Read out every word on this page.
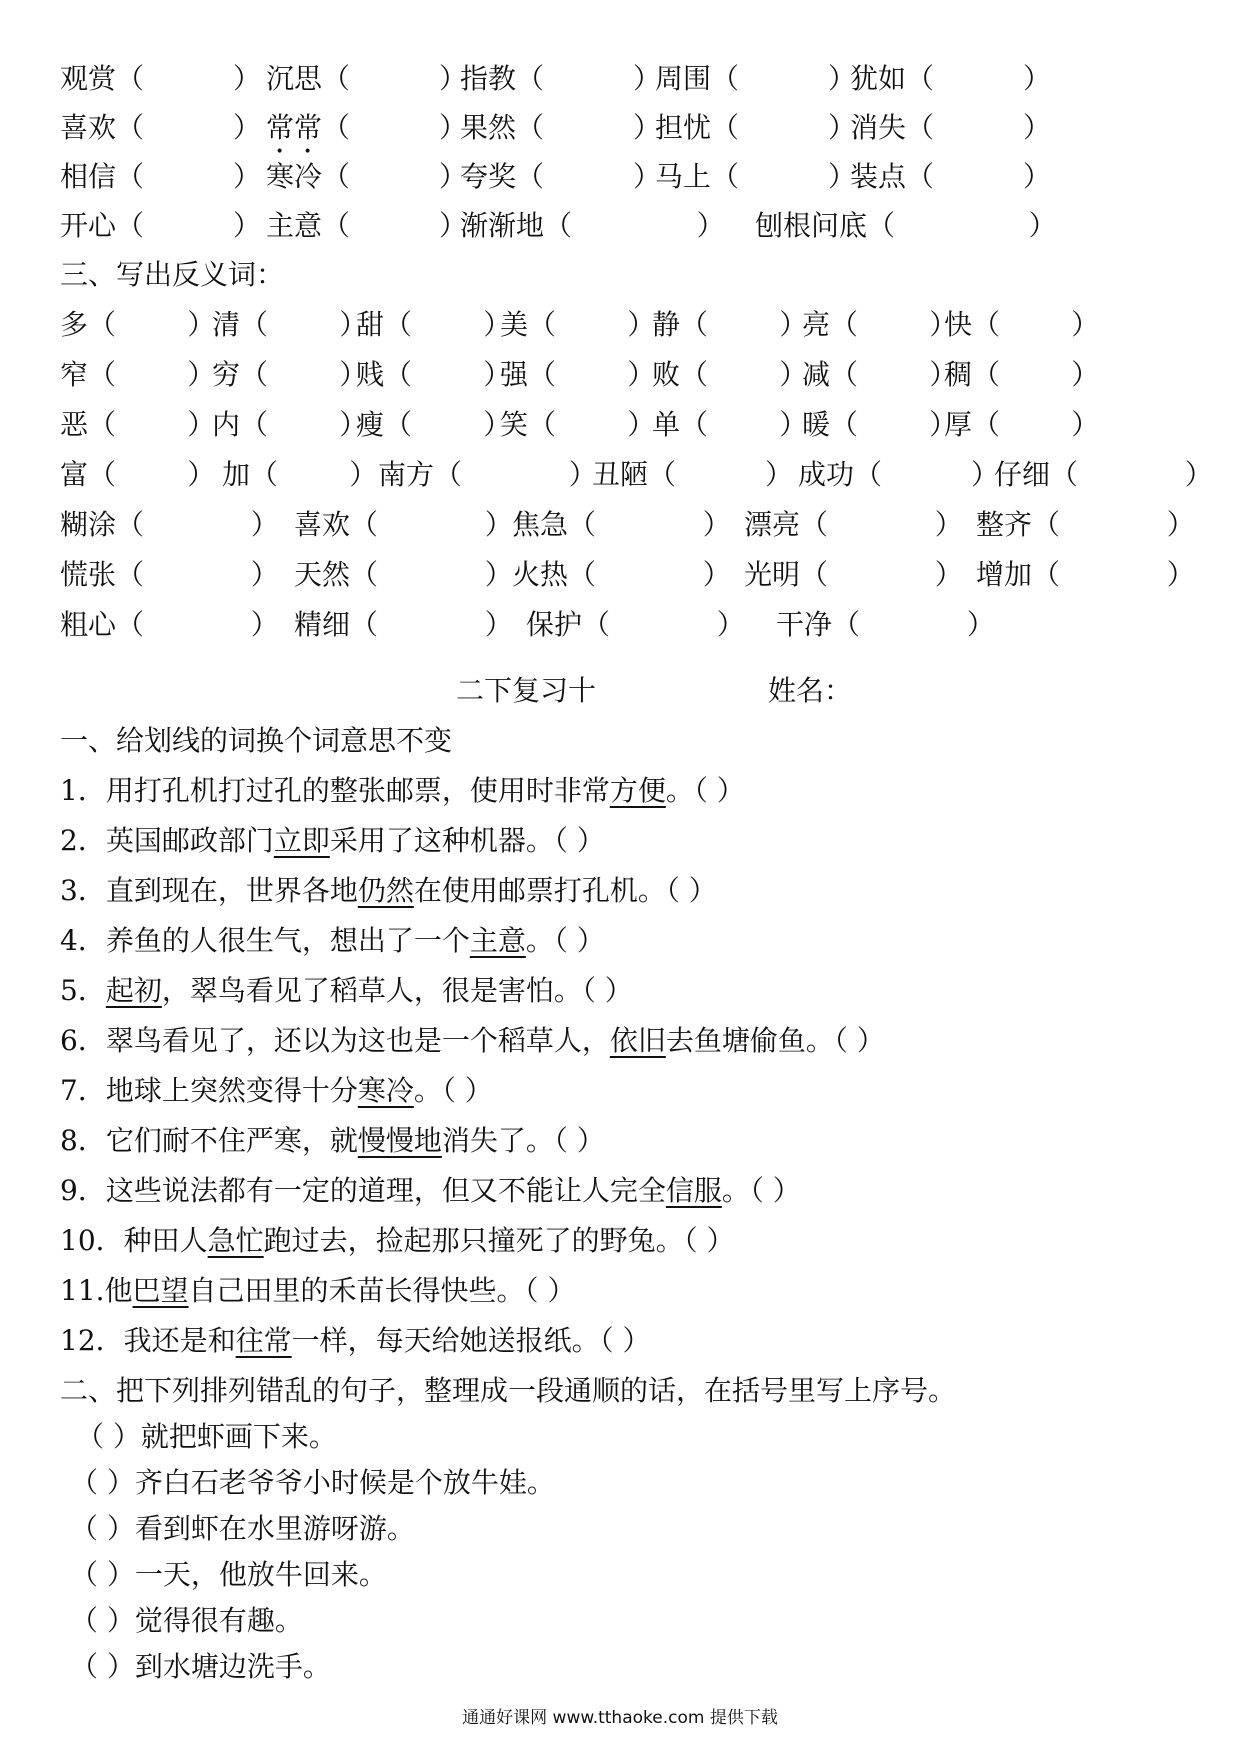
观赏（          ） 沉思（          ）
指教（          ）
周围（          ）
犹如（          ）
喜欢（          ） 常常（          ）
果然（          ）
担忧（          ）
消失（          ）
相信（          ） 寒冷（          ）
夸奖（          ）
马上（          ）
装点（          ）
开心（          ） 主意（          ）
渐渐地（              ） 刨根问底（               ）
三、写出反义词：
多（        ）
清（        ）
甜（        ）
美（        ）
静（        ）
亮（        ）
快（        ）
窄（        ）
穷（        ）
贱（        ）
强（        ）
败（        ）
减（        ）
稠（        ）
恶（        ）
内（        ）
瘦（        ）
笑（        ）
单（        ）
暖（        ）
厚（        ）
富（        ） 加（        ） 南方（            ）
丑陋（          ） 成功（          ）
仔细（            ）
糊涂（            ） 喜欢（            ） 焦急（            ） 漂亮（            ） 整齐（            ）
慌张（            ） 天然（            ） 火热（            ） 光明（            ） 增加（            ）
粗心（            ） 精细（            ） 保护（            ） 干净（            ）
二下复习十	姓名：
一、给划线的词换个词意思不变
1．用打孔机打过孔的整张邮票，使用时非常方便。（ ）
2．英国邮政部门立即采用了这种机器。（ ）
3．直到现在，世界各地仍然在使用邮票打孔机。（ ）
4．养鱼的人很生气，想出了一个主意。（ ）
5．起初，翠鸟看见了稻草人，很是害怕。（ ）
6．翠鸟看见了，还以为这也是一个稻草人，依旧去鱼塘偷鱼。（ ）
7．地球上突然变得十分寒冷。（ ）
8．它们耐不住严寒，就慢慢地消失了。（ ）
9．这些说法都有一定的道理，但又不能让人完全信服。（ ）
10．种田人急忙跑过去，捡起那只撞死了的野兔。（ ）
11.他巴望自己田里的禾苗长得快些。（ ）
12．我还是和往常一样，每天给她送报纸。（ ）
二、把下列排列错乱的句子，整理成一段通顺的话，在括号里写上序号。
（ ）就把虾画下来。
（ ）齐白石老爷爷小时候是个放牛娃。
（ ）看到虾在水里游呀游。
（ ）一天，他放牛回来。
（ ）觉得很有趣。
（ ）到水塘边洗手。
通通好课网 www.tthaoke.com 提供下载
